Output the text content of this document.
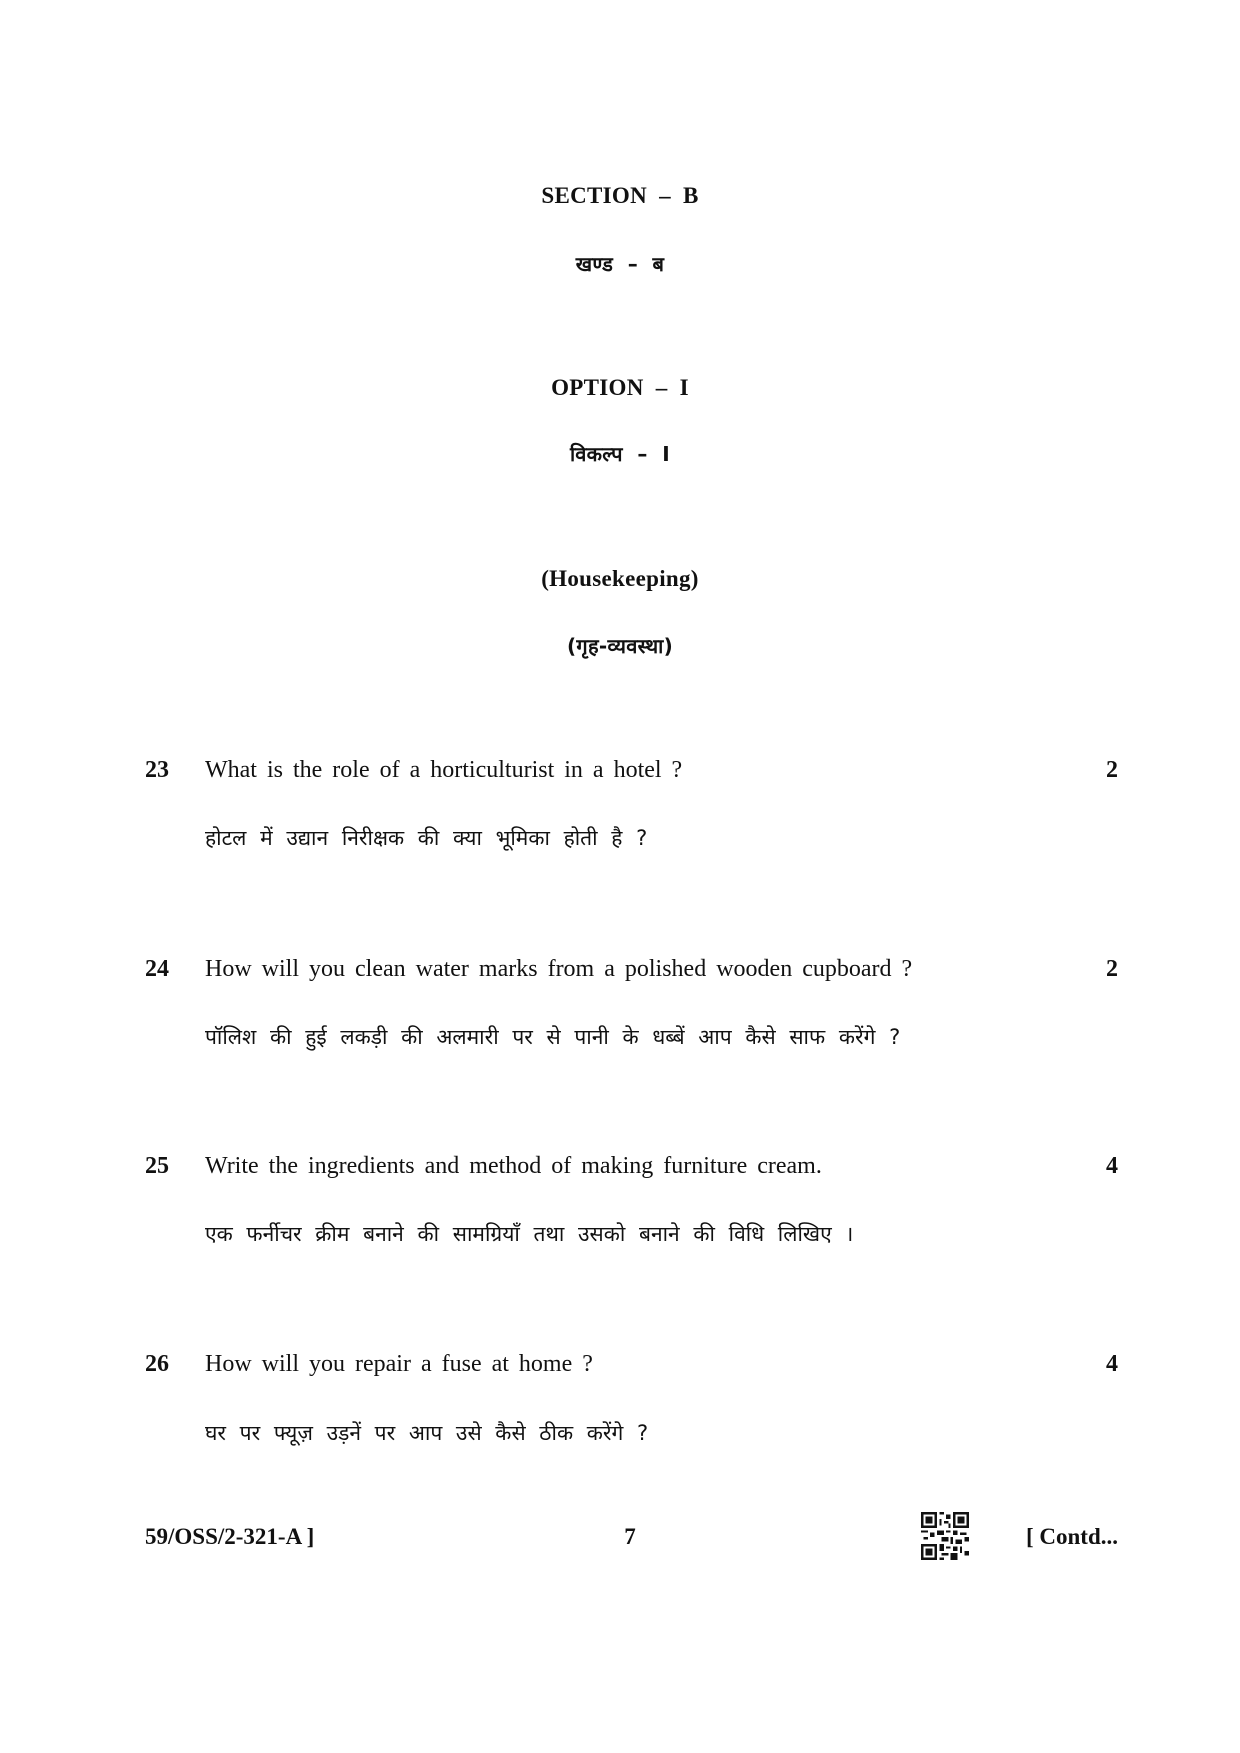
SECTION  –  B
खण्ड  –  ब
OPTION  –  I
विकल्प  –  I
(Housekeeping)
(गृह-व्यवस्था)
23 What is the role of a horticulturist in a hotel ?	2
होटल में उद्यान निरीक्षक की क्या भूमिका होती है ?
24 How will you clean water marks from a polished wooden cupboard ?	2
पॉलिश की हुई लकड़ी की अलमारी पर से पानी के धब्बें आप कैसे साफ करेंगे ?
25 Write the ingredients and method of making furniture cream.	4
एक फर्नीचर क्रीम बनाने की सामग्रियाँ तथा उसको बनाने की विधि लिखिए ।
26 How will you repair a fuse at home ?	4
घर पर फ्यूज़ उड़नें पर आप उसे कैसे ठीक करेंगे ?
59/OSS/2-321-A ]	7	[ Contd...
